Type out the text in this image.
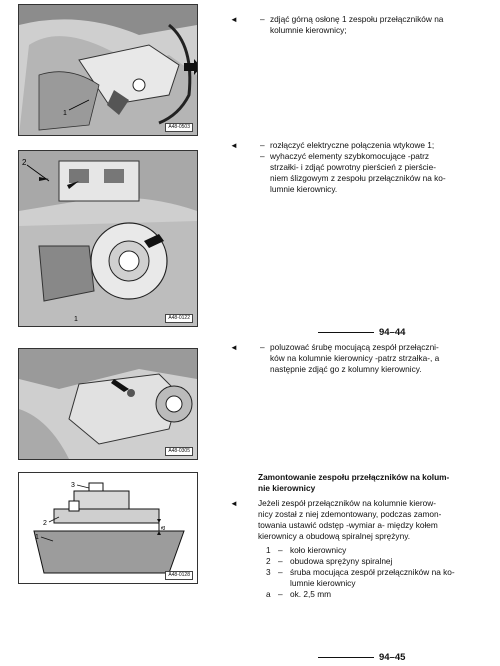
1
A48-0503
2
1	A48-0122
A48-0305
3
2
1
a
A48-0128
◄	– zdjąć górną osłonę 1 zespołu przełączników na
kolumnie kierownicy;
◄	– rozłączyć elektryczne połączenia wtykowe 1;
– wyhaczyć elementy szybkomocujące -patrz
strzałki- i zdjąć powrotny pierścień z pierście-
niem ślizgowym z zespołu przełączników na ko-
lumnie kierownicy.
94–44
◄	– poluzować śrubę mocującą zespół przełączni-
ków na kolumnie kierownicy -patrz strzałka-, a
następnie zdjąć go z kolumny kierownicy.
Zamontowanie zespołu przełączników na kolum-
nie kierownicy
◄ Jeżeli zespół przełączników na kolumnie kierow-
nicy został z niej zdemontowany, podczas zamon-
towania ustawić odstęp -wymiar a- między kołem
kierownicy a obudową spiralnej sprężyny.
1 – koło kierownicy
2 – obudowa sprężyny spiralnej
3 – śruba mocująca zespół przełączników na ko-
lumnie kierownicy
a – ok. 2,5 mm
94–45
